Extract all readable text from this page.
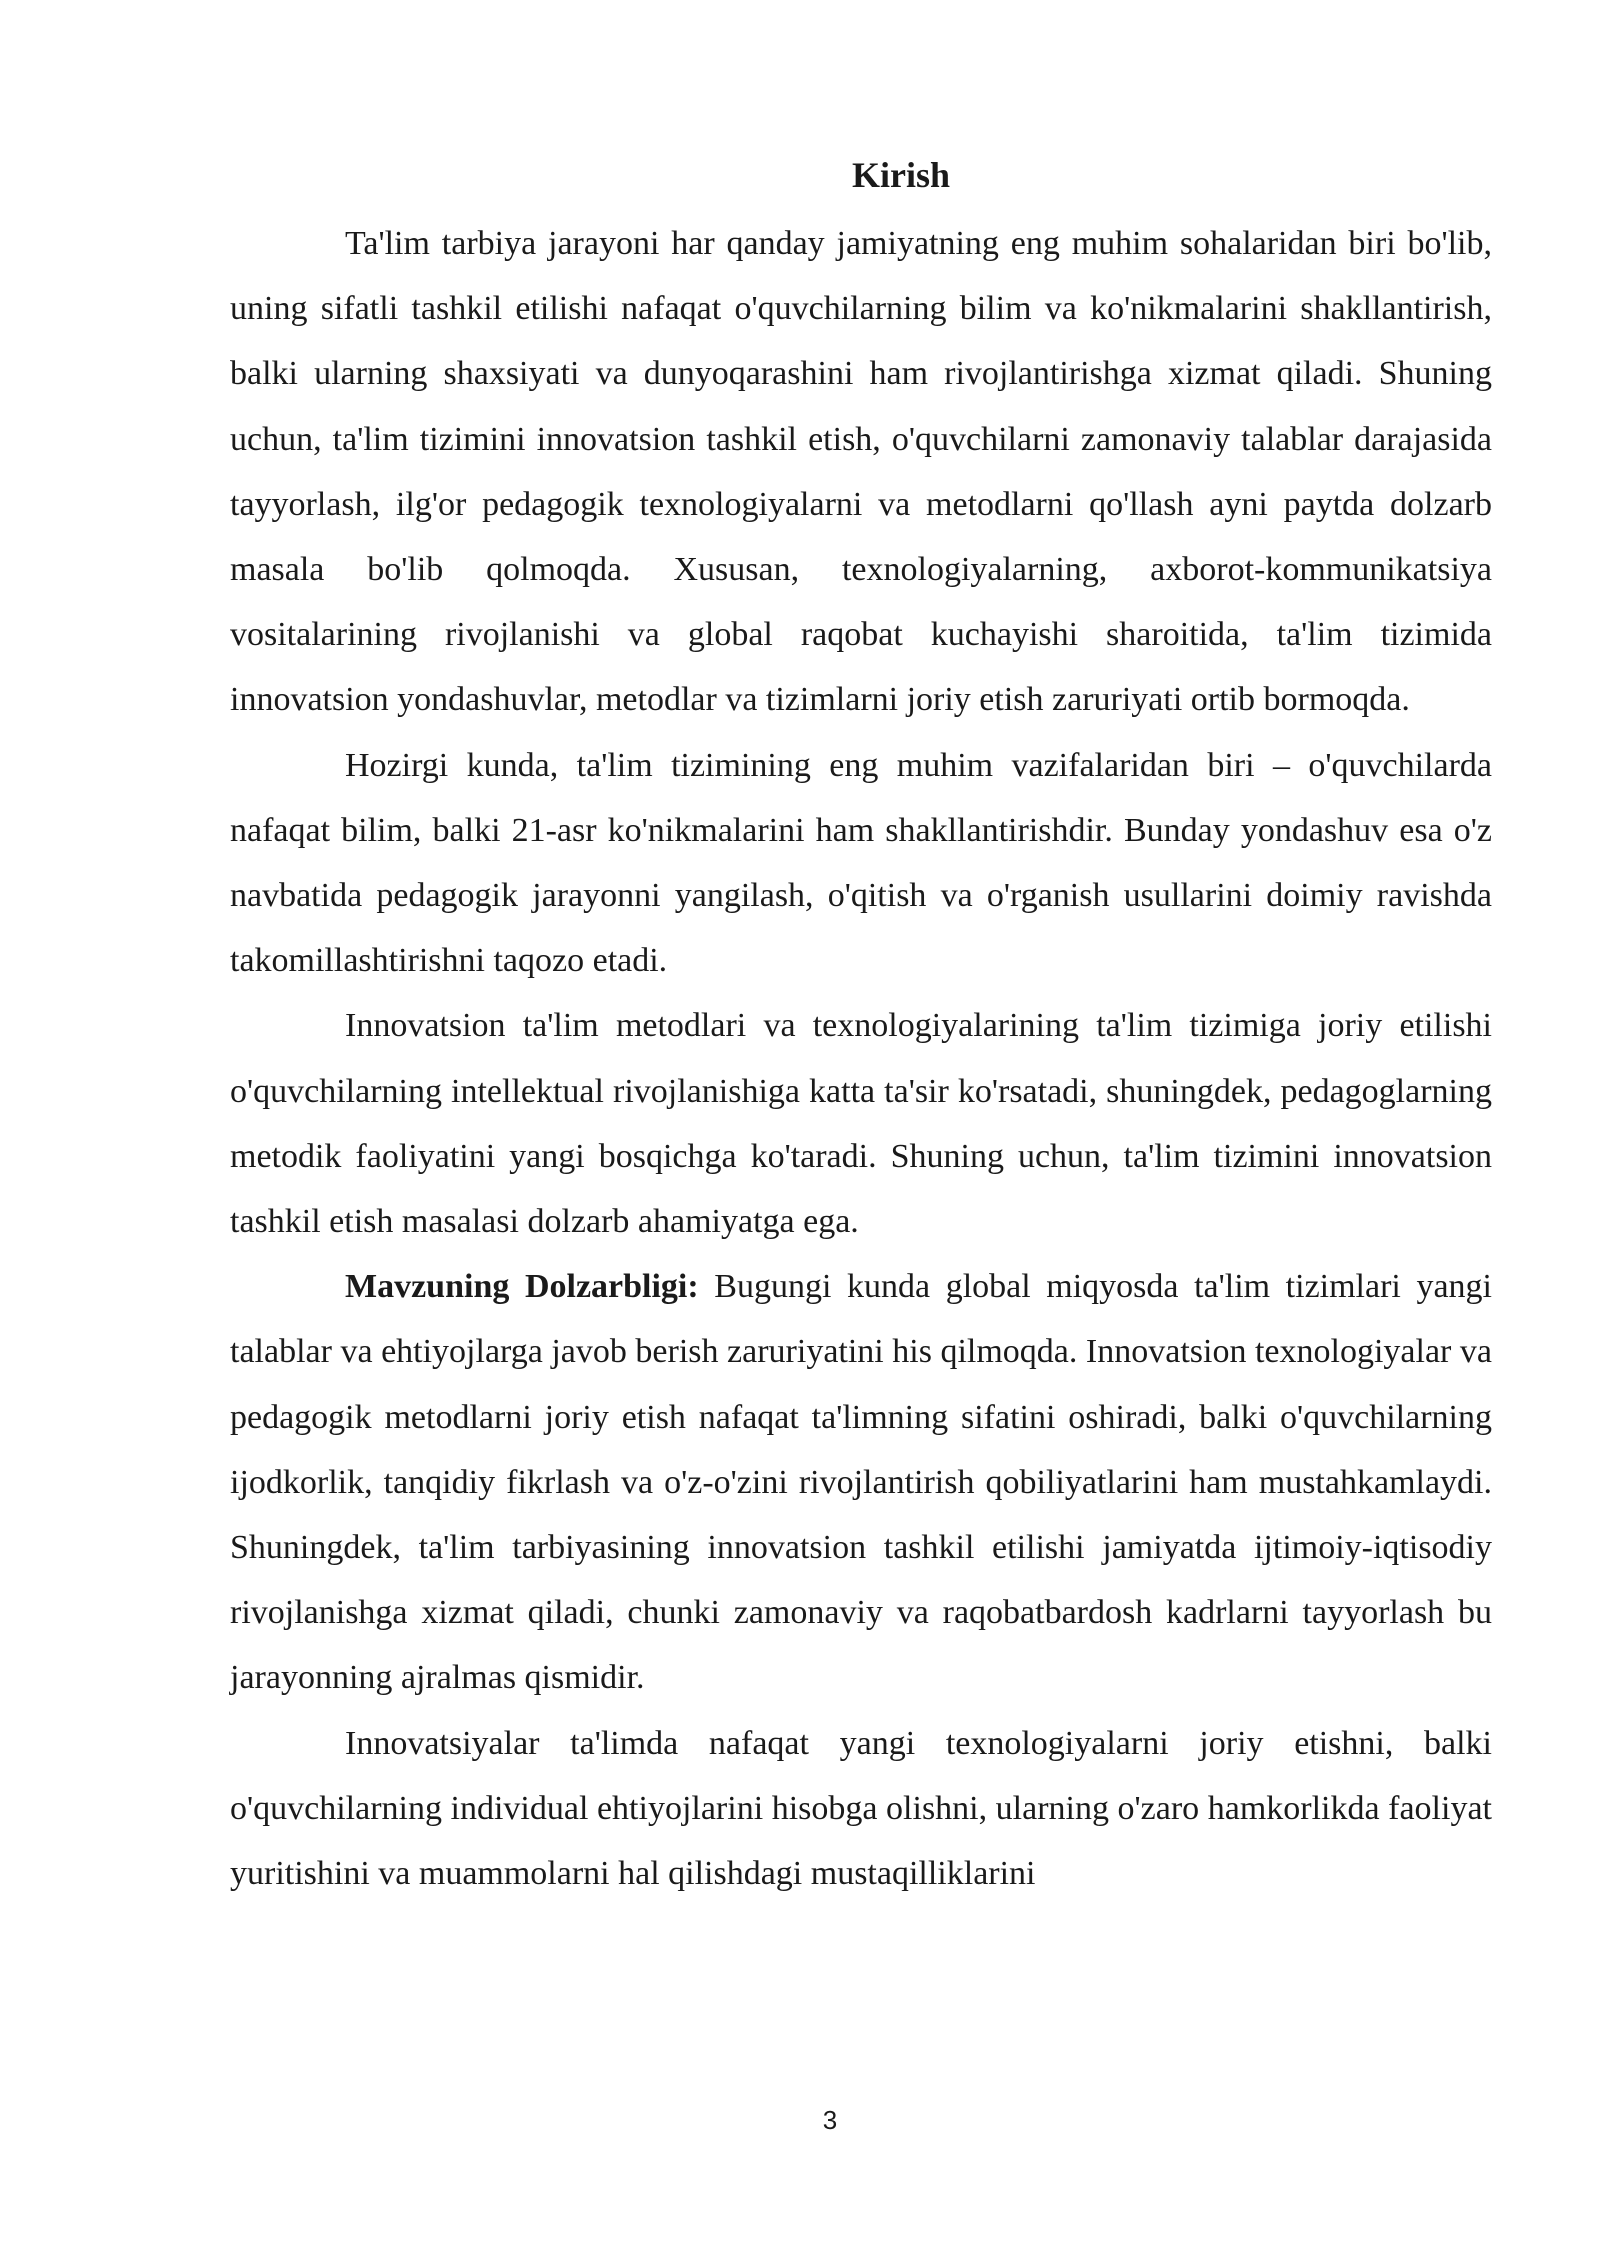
Kirish

Ta'lim tarbiya jarayoni har qanday jamiyatning eng muhim sohalaridan biri bo'lib, uning sifatli tashkil etilishi nafaqat o'quvchilarning bilim va ko'nikmalarini shakllantirish, balki ularning shaxsiyati va dunyoqarashini ham rivojlantirishga xizmat qiladi. Shuning uchun, ta'lim tizimini innovatsion tashkil etish, o'quvchilarni zamonaviy talablar darajasida tayyorlash, ilg'or pedagogik texnologiyalarni va metodlarni qo'llash ayni paytda dolzarb masala bo'lib qolmoqda. Xususan, texnologiyalarning, axborot-kommunikatsiya vositalarining rivojlanishi va global raqobat kuchayishi sharoitida, ta'lim tizimida innovatsion yondashuvlar, metodlar va tizimlarni joriy etish zaruriyati ortib bormoqda.

Hozirgi kunda, ta'lim tizimining eng muhim vazifalaridan biri – o'quvchilarda nafaqat bilim, balki 21-asr ko'nikmalarini ham shakllantirishdir. Bunday yondashuv esa o'z navbatida pedagogik jarayonni yangilash, o'qitish va o'rganish usullarini doimiy ravishda takomillashtirishni taqozo etadi.

Innovatsion ta'lim metodlari va texnologiyalarining ta'lim tizimiga joriy etilishi o'quvchilarning intellektual rivojlanishiga katta ta'sir ko'rsatadi, shuningdek, pedagoglarning metodik faoliyatini yangi bosqichga ko'taradi. Shuning uchun, ta'lim tizimini innovatsion tashkil etish masalasi dolzarb ahamiyatga ega.

Mavzuning Dolzarbligi: Bugungi kunda global miqyosda ta'lim tizimlari yangi talablar va ehtiyojlarga javob berish zaruriyatini his qilmoqda. Innovatsion texnologiyalar va pedagogik metodlarni joriy etish nafaqat ta'limning sifatini oshiradi, balki o'quvchilarning ijodkorlik, tanqidiy fikrlash va o'z-o'zini rivojlantirish qobiliyatlarini ham mustahkamlaydi. Shuningdek, ta'lim tarbiyasining innovatsion tashkil etilishi jamiyatda ijtimoiy-iqtisodiy rivojlanishga xizmat qiladi, chunki zamonaviy va raqobatbardosh kadrlarni tayyorlash bu jarayonning ajralmas qismidir.

Innovatsiyalar ta'limda nafaqat yangi texnologiyalarni joriy etishni, balki o'quvchilarning individual ehtiyojlarini hisobga olishni, ularning o'zaro hamkorlikda faoliyat yuritishini va muammolarni hal qilishdagi mustaqilliklarini

3
